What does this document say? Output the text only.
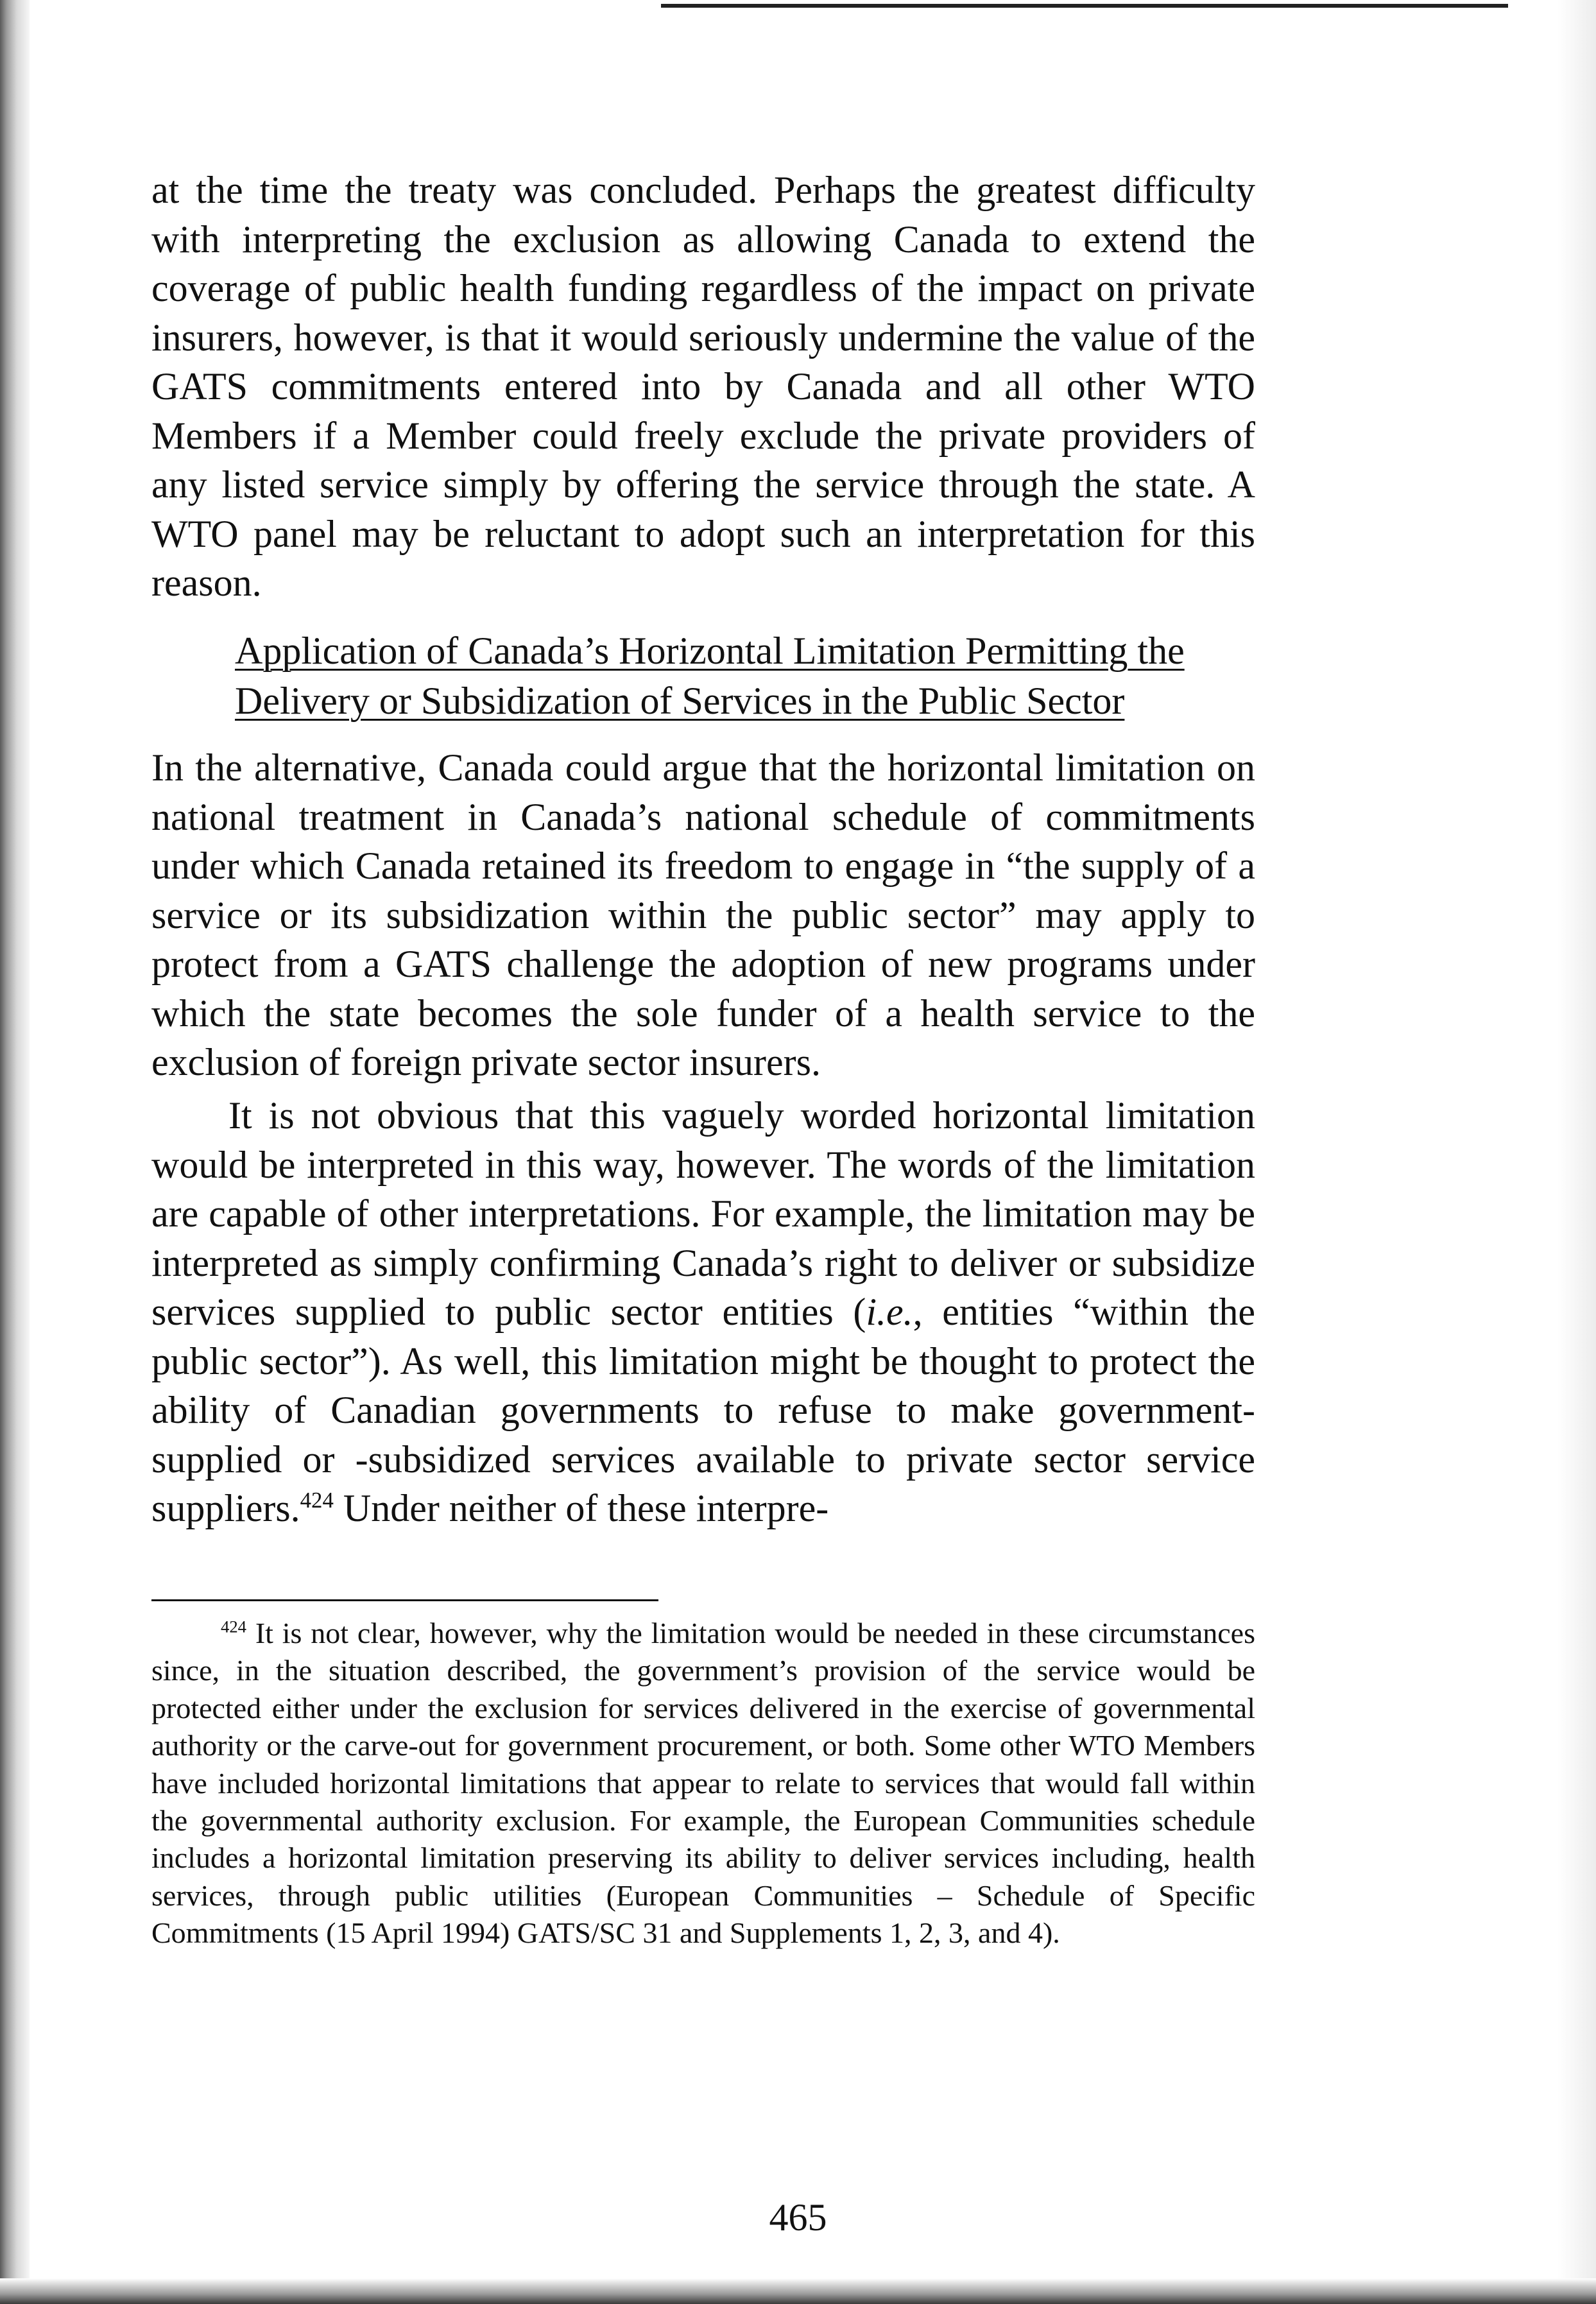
at the time the treaty was concluded. Perhaps the greatest difficulty with interpreting the exclusion as allowing Canada to extend the coverage of public health funding regardless of the impact on private insurers, however, is that it would seriously undermine the value of the GATS commitments entered into by Canada and all other WTO Members if a Member could freely exclude the private providers of any listed service simply by offering the service through the state. A WTO panel may be reluctant to adopt such an interpretation for this reason.

Application of Canada’s Horizontal Limitation Permitting the Delivery or Subsidization of Services in the Public Sector

In the alternative, Canada could argue that the horizontal limitation on national treatment in Canada’s national schedule of commitments under which Canada retained its freedom to engage in “the supply of a service or its subsidization within the public sector” may apply to protect from a GATS challenge the adoption of new programs under which the state becomes the sole funder of a health service to the exclusion of foreign private sector insurers.

It is not obvious that this vaguely worded horizontal limitation would be interpreted in this way, however. The words of the limitation are capable of other interpretations. For example, the limitation may be interpreted as simply confirming Canada’s right to deliver or subsidize services supplied to public sector entities (i.e., entities “within the public sector”). As well, this limitation might be thought to protect the ability of Canadian governments to refuse to make government-supplied or -subsidized services available to private sector service suppliers.$^{424}$ Under neither of these interpre-

$^{424}$ It is not clear, however, why the limitation would be needed in these circumstances since, in the situation described, the government’s provision of the service would be protected either under the exclusion for services delivered in the exercise of governmental authority or the carve-out for government procurement, or both. Some other WTO Members have included horizontal limitations that appear to relate to services that would fall within the governmental authority exclusion. For example, the European Communities schedule includes a horizontal limitation preserving its ability to deliver services including, health services, through public utilities (European Communities – Schedule of Specific Commitments (15 April 1994) GATS/SC 31 and Supplements 1, 2, 3, and 4).

465
